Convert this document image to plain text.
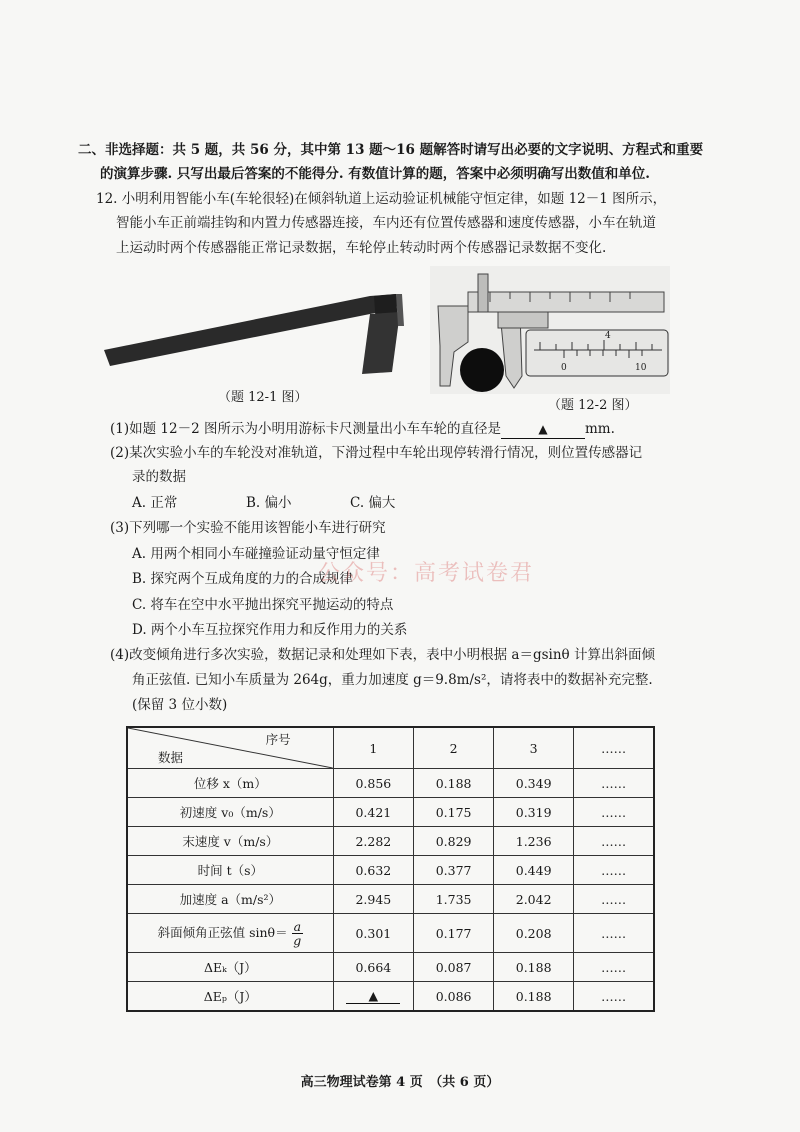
二、非选择题：共 5 题，共 56 分，其中第 13 题～16 题解答时请写出必要的文字说明、方程式和重要
的演算步骤. 只写出最后答案的不能得分. 有数值计算的题，答案中必须明确写出数值和单位.
12. 小明利用智能小车(车轮很轻)在倾斜轨道上运动验证机械能守恒定律，如题 12－1 图所示，
智能小车正前端挂钩和内置力传感器连接，车内还有位置传感器和速度传感器，小车在轨道
上运动时两个传感器能正常记录数据，车轮停止转动时两个传感器记录数据不变化.
（题 12-1 图）
4
0	10
（题 12-2 图）
(1)如题 12－2 图所示为小明用游标卡尺测量出小车车轮的直径是	▲	mm.
(2)某次实验小车的车轮没对准轨道，下滑过程中车轮出现停转滑行情况，则位置传感器记
录的数据
A. 正常	B. 偏小	C. 偏大
(3)下列哪一个实验不能用该智能小车进行研究
A. 用两个相同小车碰撞验证动量守恒定律
B. 探究两个互成角度的力的合成规律
C. 将车在空中水平抛出探究平抛运动的特点
D. 两个小车互拉探究作用力和反作用力的关系
公众号：高考试卷君
(4)改变倾角进行多次实验，数据记录和处理如下表，表中小明根据 a＝gsinθ 计算出斜面倾
角正弦值. 已知小车质量为 264g，重力加速度 g＝9.8m/s²，请将表中的数据补充完整.
(保留 3 位小数)
序号
数据	1	2	3	……
位移 x（m）	0.856	0.188	0.349	……
初速度 v₀（m/s）	0.421	0.175	0.319	……
末速度 v（m/s）	2.282	0.829	1.236	……
时间 t（s）	0.632	0.377	0.449	……
加速度 a（m/s²）	2.945	1.735	2.042	……
斜面倾角正弦值 $\sin\theta= \frac{a}{g}$	0.301	0.177	0.208	……
ΔEₖ（J）	0.664	0.087	0.188	……
ΔEₚ（J）	▲	0.086	0.188	……
高三物理试卷第 4 页　（共 6 页）
